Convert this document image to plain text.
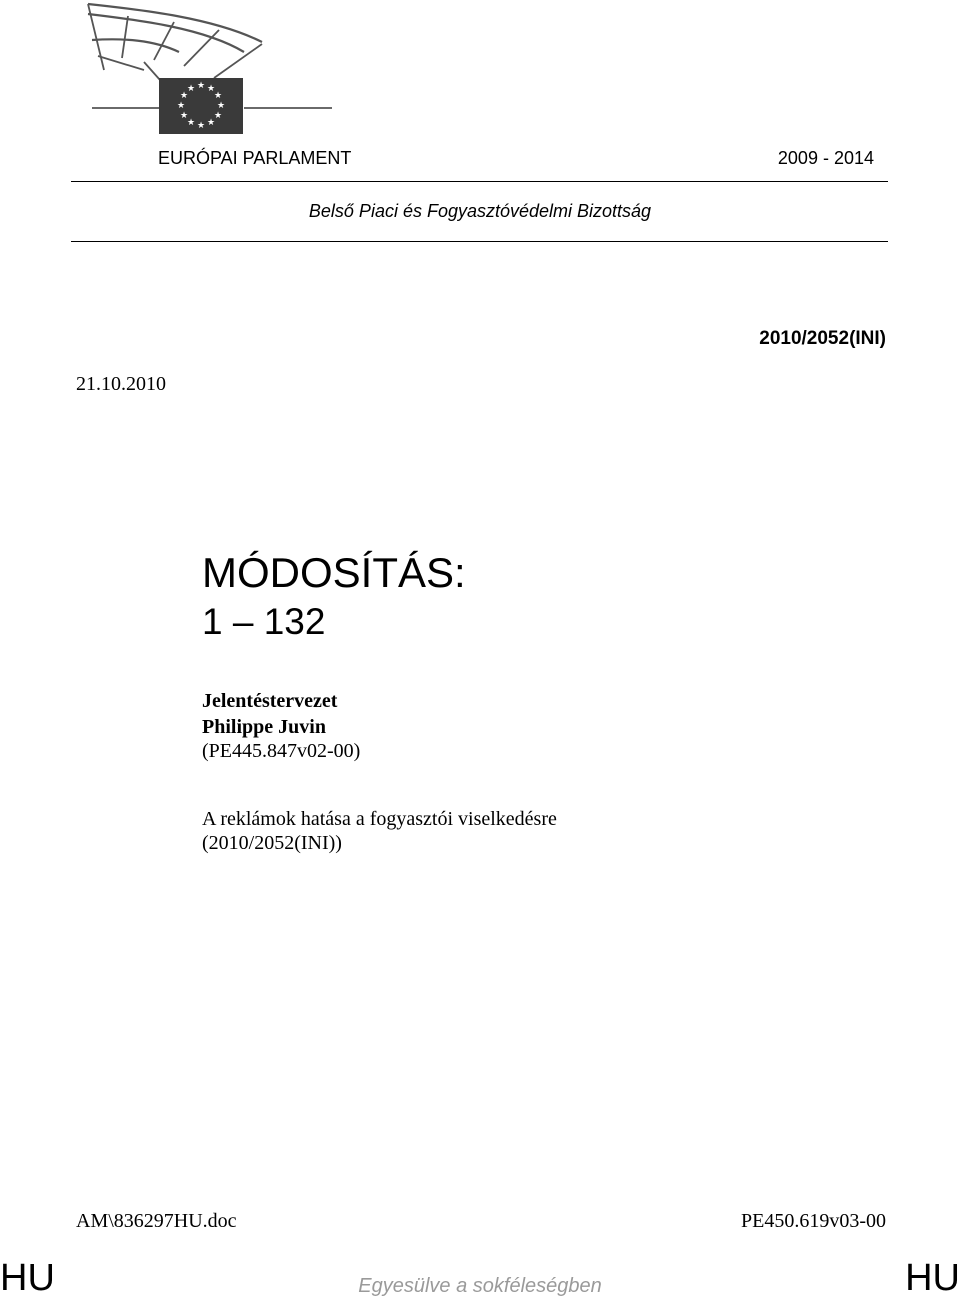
★ ★
★
★
★
★
★
★
★
★
★
★
EURÓPAI PARLAMENT	2009 - 2014
Belső Piaci és Fogyasztóvédelmi Bizottság
2010/2052(INI)
21.10.2010
MÓDOSÍTÁS:
1 – 132
Jelentéstervezet
Philippe Juvin
(PE445.847v02-00)
A reklámok hatása a fogyasztói viselkedésre
(2010/2052(INI))
AM\836297HU.doc	PE450.619v03-00
HU	Egyesülve a sokféleségben	HU
